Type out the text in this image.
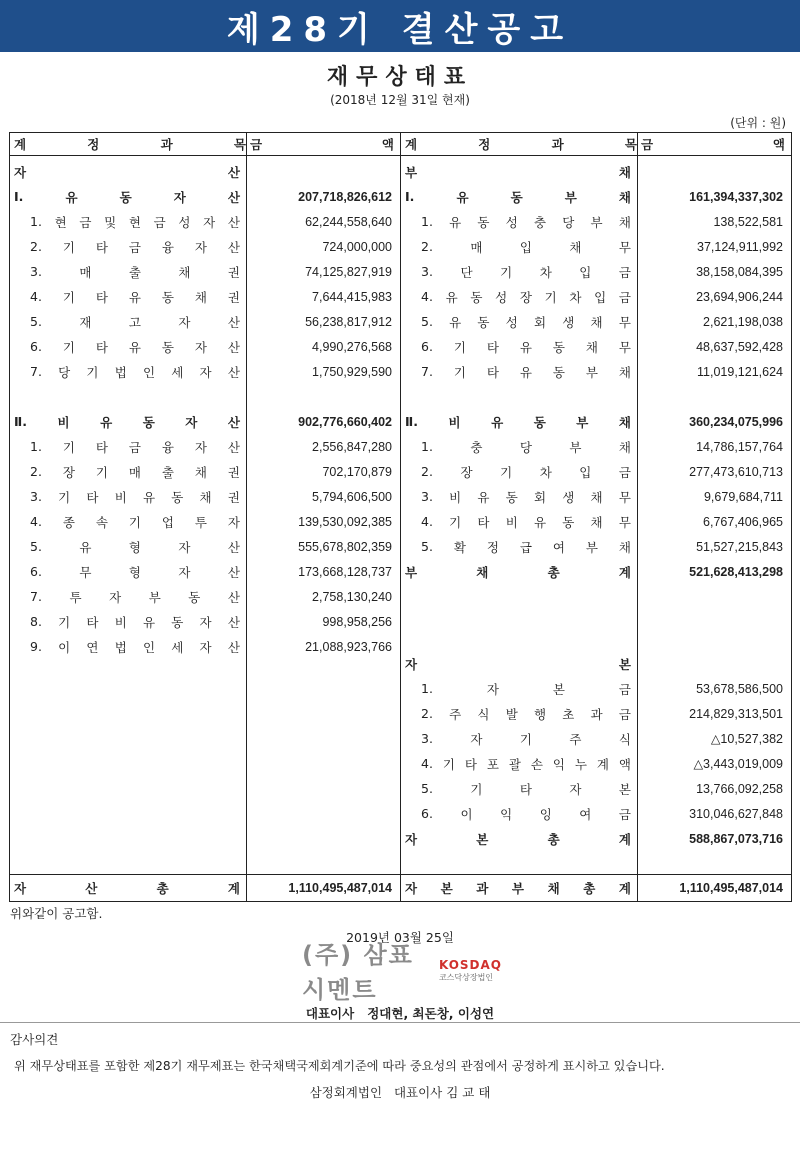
제28기 결산공고
재무상태표
(2018년 12월 31일 현재)
(단위 : 원)
계	정	과	목 금	액
자	산
Ⅰ.	유	동	자	산	207,718,826,612
1. 현 금 및 현 금 성 자 산	62,244,558,640
2. 기 타 금 융 자 산	724,000,000
3.	매	출	채	권	74,125,827,919
4. 기 타 유 동 채 권	7,644,415,983
5.	재	고	자	산	56,238,817,912
6. 기 타 유 동 자 산	4,990,276,568
7. 당 기 법 인 세 자 산	1,750,929,590
Ⅱ. 비 유 동 자 산	902,776,660,402
1. 기 타 금 융 자 산	2,556,847,280
2. 장 기 매 출 채 권	702,170,879
3. 기 타 비 유 동 채 권	5,794,606,500
4. 종 속 기 업 투 자	139,530,092,385
5.	유	형	자	산	555,678,802,359
6.	무	형	자	산	173,668,128,737
7. 투 자 부 동 산	2,758,130,240
8. 기 타 비 유 동 자 산	998,958,256
9. 이 연 법 인 세 자 산	21,088,923,766
자	산	총	계	1,110,495,487,014
계	정	과	목 금	액
부	채
Ⅰ.	유	동	부	채	161,394,337,302
1. 유 동 성 충 당 부 채	138,522,581
2.	매	입	채	무	37,124,911,992
3. 단 기 차 입 금	38,158,084,395
4. 유 동 성 장 기 차 입 금	23,694,906,244
5. 유 동 성 회 생 채 무	2,621,198,038
6. 기 타 유 동 채 무	48,637,592,428
7. 기 타 유 동 부 채	11,019,121,624
Ⅱ. 비 유 동 부 채	360,234,075,996
1.	충	당	부	채	14,786,157,764
2. 장 기 차 입 금	277,473,610,713
3. 비 유 동 회 생 채 무	9,679,684,711
4. 기 타 비 유 동 채 무	6,767,406,965
5. 확 정 급 여 부 채	51,527,215,843
부	채	총	계	521,628,413,298
자	본
1.	자	본	금	53,678,586,500
2. 주 식 발 행 초 과 금	214,829,313,501
3.	자	기	주	식	△10,527,382
4. 기 타 포 괄 손 익 누 계 액	△3,443,019,009
5.	기	타	자	본	13,766,092,258
6. 이 익 잉 여 금	310,046,627,848
자	본	총	계	588,867,073,716
자 본 과 부 채 총 계	1,110,495,487,014
위와같이 공고함.
2019년 03월 25일
(주) 삼표시멘트
KOSDAQ
코스닥상장법인
대표이사   정대현, 최돈창, 이성연
감사의견
위 재무상태표를 포함한 제28기 재무제표는 한국채택국제회계기준에 따라 중요성의 관점에서 공정하게 표시하고 있습니다.
삼정회계법인   대표이사 김 교 태
